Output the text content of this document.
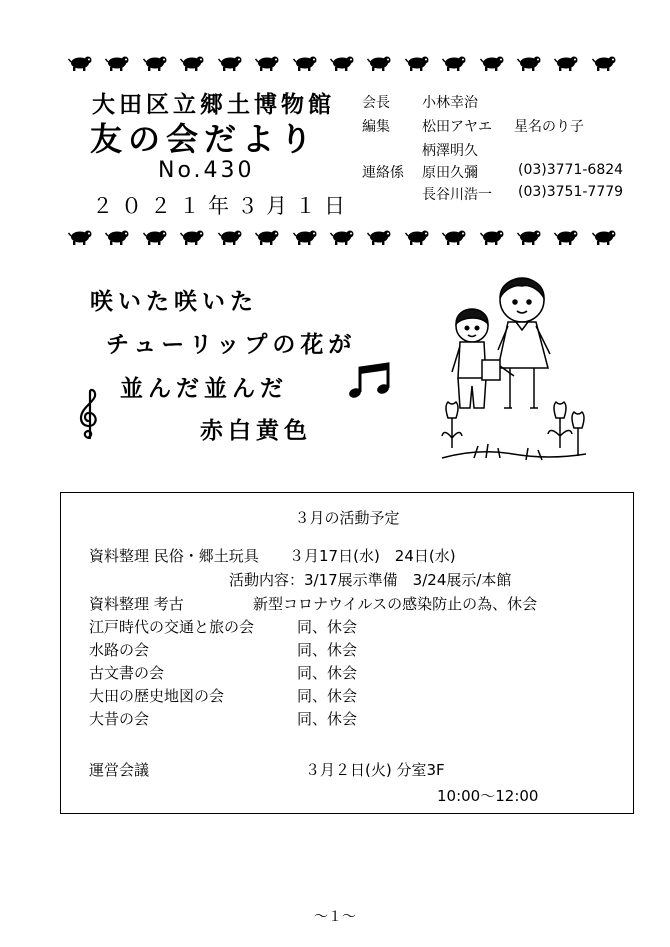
大田区立郷土博物館
友の会だより
No.430
２０２１年３月１日
会長 小林幸治
編集 松田アヤエ 星名のり子
柄澤明久
連絡係 原田久彌	(03)3771-6824
長谷川浩一 (03)3751-7779
咲いた咲いた
チューリップの花が
並んだ並んだ
赤白黄色
３月の活動予定
資料整理 民俗・郷土玩具 ３月17日(水)　24日(水)
活動内容：3/17展示準備　3/24展示/本館
資料整理 考古	新型コロナウイルスの感染防止の為、休会
江戸時代の交通と旅の会	同、休会
水路の会	同、休会
古文書の会	同、休会
大田の歴史地図の会	同、休会
大昔の会	同、休会
運営会議	３月２日(火) 分室3F
10:00～12:00
～１～
